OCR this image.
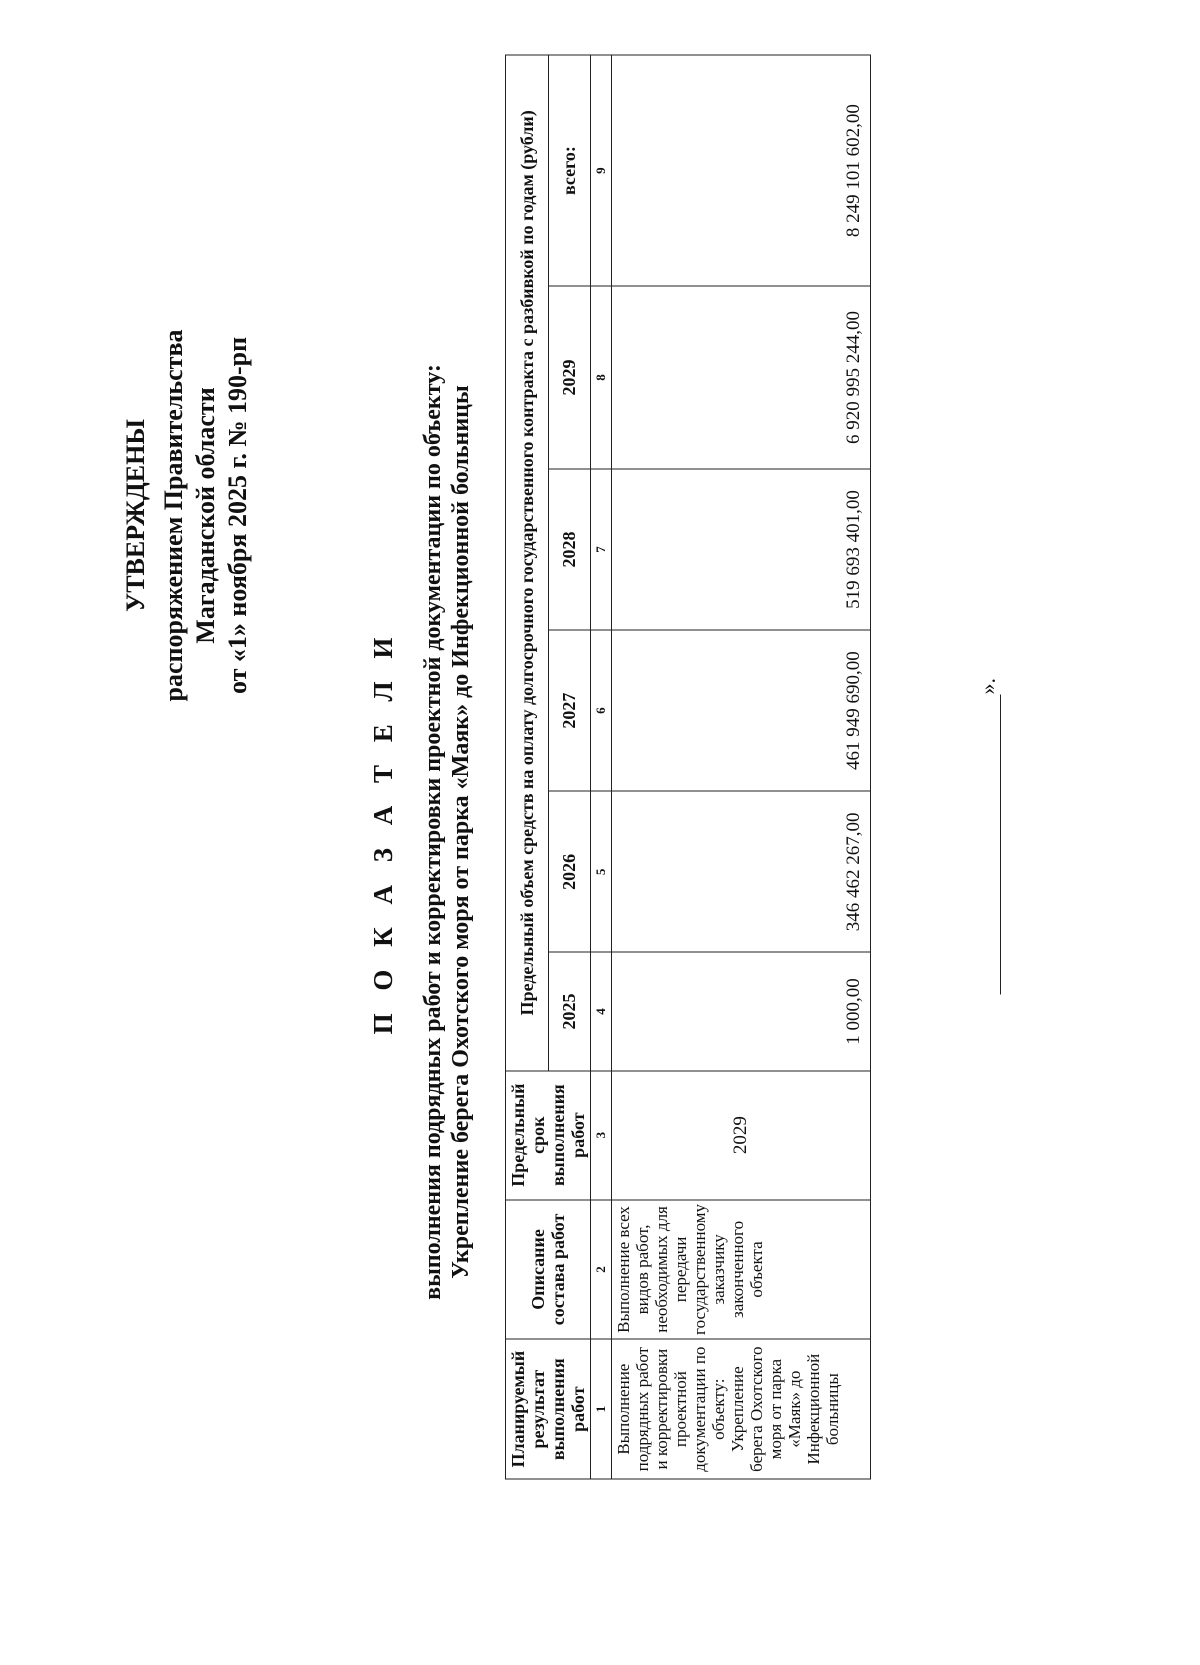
УТВЕРЖДЕНЫ распоряжением Правительства Магаданской области от «1» ноября 2025 г. № 190-рп
П О К А З А Т Е Л И выполнения подрядных работ и корректировки проектной документации по объекту: Укрепление берега Охотского моря от парка «Маяк» до Инфекционной больницы
Планируемый результат выполнения работ	Описание состава работ	Предельный срок выполнения работ	Предельный объем средств на оплату долгосрочного государственного контракта с разбивкой по годам (рубли)					
			2025	2026	2027	2028	2029	всего:
1	2	3	4	5	6	7	8	9
Выполнение подрядных работ и корректировки проектной документации по объекту: Укрепление берега Охотского моря от парка «Маяк» до Инфекционной больницы	Выполнение всех видов работ, необходимых для передачи государственному заказчику законченного объекта	2029	1 000,00	346 462 267,00	461 949 690,00	519 693 401,00	6 920 995 244,00	8 249 101 602,00
».
